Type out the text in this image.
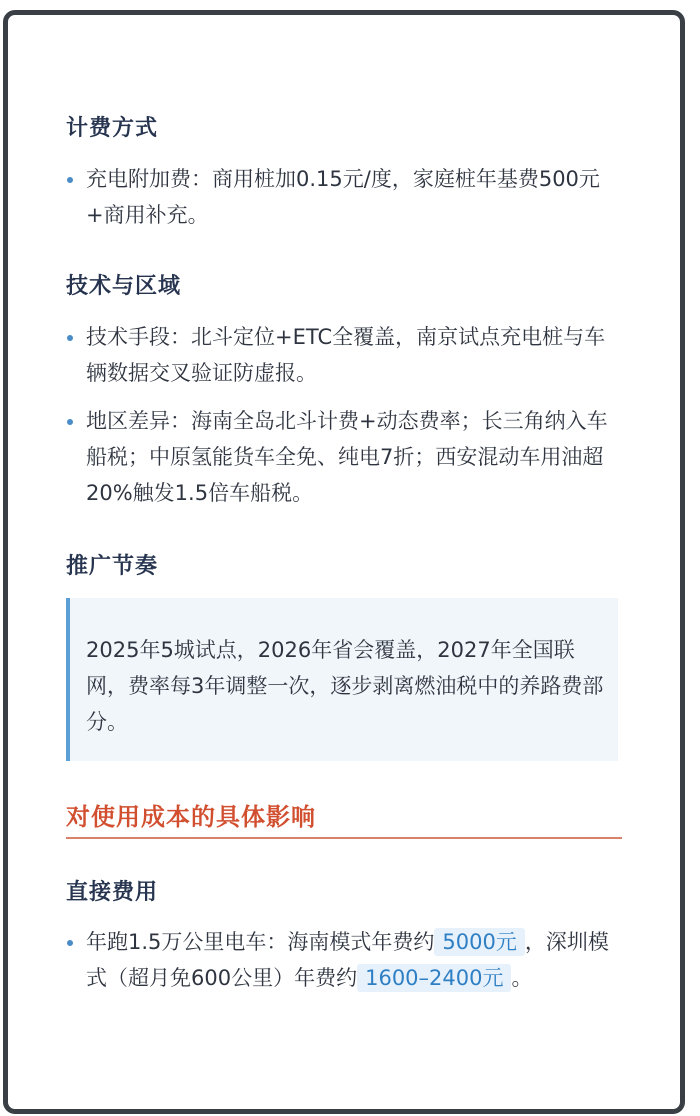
计费方式

充电附加费：商用桩加0.15元/度，家庭桩年基费500元+商用补充。

技术与区域

技术手段：北斗定位+ETC全覆盖，南京试点充电桩与车辆数据交叉验证防虚报。

地区差异：海南全岛北斗计费+动态费率；长三角纳入车船税；中原氢能货车全免、纯电7折；西安混动车用油超20%触发1.5倍车船税。

推广节奏

2025年5城试点，2026年省会覆盖，2027年全国联网，费率每3年调整一次，逐步剥离燃油税中的养路费部分。

对使用成本的具体影响
直接费用

年跑1.5万公里电车：海南模式年费约 5000元 ，深圳模式（超月免600公里）年费约 1600–2400元 。
